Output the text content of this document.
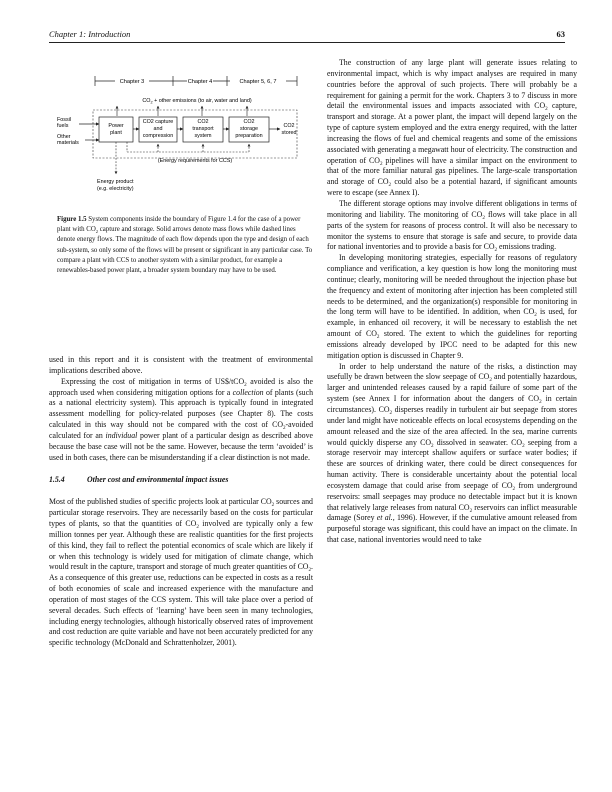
Chapter 1: Introduction	63
Chapter 3	Chapter 4	Chapter 5, 6, 7
$CO_2$ + other emissions (to air, water and land)
Power
plant
CO2 capture
and
compression
CO2
transport
system
CO2
storage
preparation
CO2
stored
Fossil
fuels
Other
materials
(Energy requirements for CCS)
Energy product
(e.g. electricity)

Figure 1.5 System components inside the boundary of Figure 1.4 for the case of a power plant with $CO_2$ capture and storage. Solid arrows denote mass flows while dashed lines denote energy flows. The magnitude of each flow depends upon the type and design of each sub-system, so only some of the flows will be present or significant in any particular case. To compare a plant with CCS to another system with a similar product, for example a renewables-based power plant, a broader system boundary may have to be used.

used in this report and it is consistent with the treatment of environmental implications described above.

Expressing the cost of mitigation in terms of US$/tCO$_2$ avoided is also the approach used when considering mitigation options for a collection of plants (such as a national electricity system). This approach is typically found in integrated assessment modelling for policy-related purposes (see Chapter 8). The costs calculated in this way should not be compared with the cost of $CO_2$-avoided calculated for an individual power plant of a particular design as described above because the base case will not be the same. However, because the term ‘avoided’ is used in both cases, there can be misunderstanding if a clear distinction is not made.

1.5.4	Other cost and environmental impact issues

Most of the published studies of specific projects look at particular $CO_2$ sources and particular storage reservoirs. They are necessarily based on the costs for particular types of plants, so that the quantities of $CO_2$ involved are typically only a few million tonnes per year. Although these are realistic quantities for the first projects of this kind, they fail to reflect the potential economics of scale which are likely if or when this technology is widely used for mitigation of climate change, which would result in the capture, transport and storage of much greater quantities of $CO_2$. As a consequence of this greater use, reductions can be expected in costs as a result of both economies of scale and increased experience with the manufacture and operation of most stages of the CCS system. This will take place over a period of several decades. Such effects of ‘learning’ have been seen in many technologies, including energy technologies, although historically observed rates of improvement and cost reduction are quite variable and have not been accurately predicted for any specific technology (McDonald and Schrattenholzer, 2001).

The construction of any large plant will generate issues relating to environmental impact, which is why impact analyses are required in many countries before the approval of such projects. There will probably be a requirement for gaining a permit for the work. Chapters 3 to 7 discuss in more detail the environmental issues and impacts associated with $CO_2$ capture, transport and storage. At a power plant, the impact will depend largely on the type of capture system employed and the extra energy required, with the latter increasing the flows of fuel and chemical reagents and some of the emissions associated with generating a megawatt hour of electricity. The construction and operation of $CO_2$ pipelines will have a similar impact on the environment to that of the more familiar natural gas pipelines. The large-scale transportation and storage of $CO_2$ could also be a potential hazard, if significant amounts were to escape (see Annex I).

The different storage options may involve different obligations in terms of monitoring and liability. The monitoring of $CO_2$ flows will take place in all parts of the system for reasons of process control. It will also be necessary to monitor the systems to ensure that storage is safe and secure, to provide data for national inventories and to provide a basis for $CO_2$ emissions trading.

In developing monitoring strategies, especially for reasons of regulatory compliance and verification, a key question is how long the monitoring must continue; clearly, monitoring will be needed throughout the injection phase but the frequency and extent of monitoring after injection has been completed still needs to be determined, and the organization(s) responsible for monitoring in the long term will have to be identified. In addition, when $CO_2$ is used, for example, in enhanced oil recovery, it will be necessary to establish the net amount of $CO_2$ stored. The extent to which the guidelines for reporting emissions already developed by IPCC need to be adapted for this new mitigation option is discussed in Chapter 9.

In order to help understand the nature of the risks, a distinction may usefully be drawn between the slow seepage of $CO_2$ and potentially hazardous, larger and unintended releases caused by a rapid failure of some part of the system (see Annex I for information about the dangers of $CO_2$ in certain circumstances). $CO_2$ disperses readily in turbulent air but seepage from stores under land might have noticeable effects on local ecosystems depending on the amount released and the size of the area affected. In the sea, marine currents would quickly disperse any $CO_2$ dissolved in seawater. $CO_2$ seeping from a storage reservoir may intercept shallow aquifers or surface water bodies; if these are sources of drinking water, there could be direct consequences for human activity. There is considerable uncertainty about the potential local ecosystem damage that could arise from seepage of $CO_2$ from underground reservoirs: small seepages may produce no detectable impact but it is known that relatively large releases from natural $CO_2$ reservoirs can inflict measurable damage (Sorey et al., 1996). However, if the cumulative amount released from purposeful storage was significant, this could have an impact on the climate. In that case, national inventories would need to take
